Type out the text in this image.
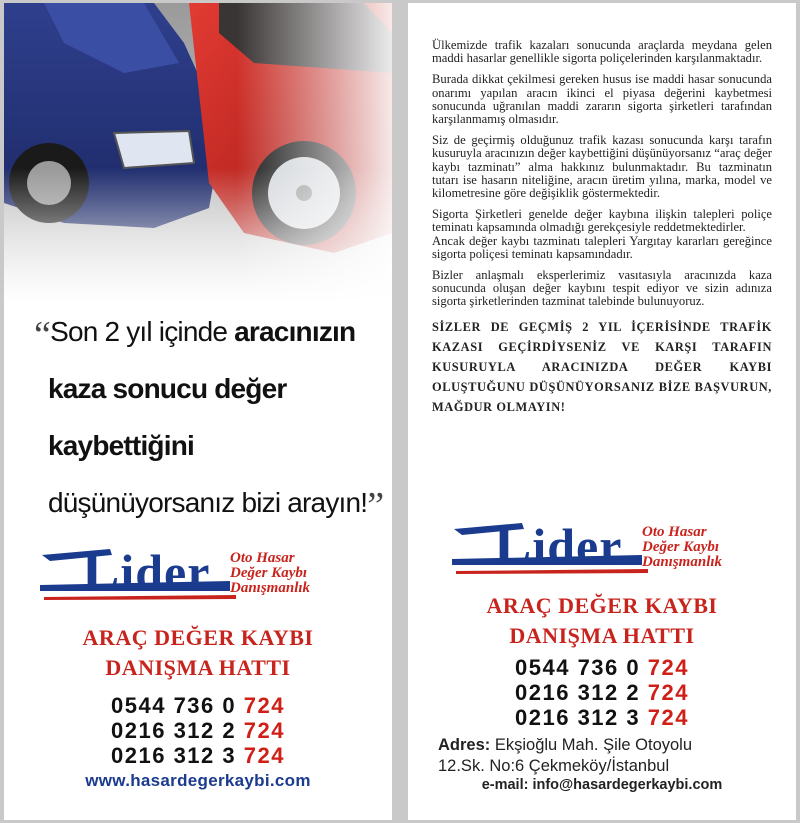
“Son 2 yıl içinde aracınızın
kaza sonucu değer
kaybettiğini
düşünüyorsanız bizi arayın!”
Lider Oto Hasar
Değer Kaybı
Danışmanlık
ARAÇ DEĞER KAYBI
DANIŞMA HATTI
0544 736 0 724
0216 312 2 724
0216 312 3 724
www.hasardegerkaybi.com

Ülkemizde trafik kazaları sonucunda araçlarda meydana gelen maddi hasarlar genellikle sigorta poliçelerinden karşılanmaktadır.

Burada dikkat çekilmesi gereken husus ise maddi hasar sonucunda onarımı yapılan aracın ikinci el piyasa değerini kaybetmesi sonucunda uğranılan maddi zararın sigorta şirketleri tarafından karşılanmamış olmasıdır.

Siz de geçirmiş olduğunuz trafik kazası sonucunda karşı tarafın kusuruyla aracınızın değer kaybettiğini düşünüyorsanız “araç değer kaybı tazminatı” alma hakkınız bulunmaktadır. Bu tazminatın tutarı ise hasarın niteliğine, aracın üretim yılına, marka, model ve kilometresine göre değişiklik göstermektedir.

Sigorta Şirketleri genelde değer kaybına ilişkin talepleri poliçe teminatı kapsamında olmadığı gerekçesiyle reddetmektedirler.

Ancak değer kaybı tazminatı talepleri Yargıtay kararları gereğince sigorta poliçesi teminatı kapsamındadır.

Bizler anlaşmalı eksperlerimiz vasıtasıyla aracınızda kaza sonucunda oluşan değer kaybını tespit ediyor ve sizin adınıza sigorta şirketlerinden tazminat talebinde bulunuyoruz.

SİZLER DE GEÇMİŞ 2 YIL İÇERİSİNDE TRAFİK KAZASI GEÇİRDİYSENİZ VE KARŞI TARAFIN KUSURUYLA ARACINIZDA DEĞER KAYBI OLUŞTUĞUNU DÜŞÜNÜYORSANIZ BİZE BAŞVURUN, MAĞDUR OLMAYIN!
Lider Oto Hasar
Değer Kaybı
Danışmanlık
ARAÇ DEĞER KAYBI
DANIŞMA HATTI
0544 736 0 724
0216 312 2 724
0216 312 3 724
Adres: Ekşioğlu Mah. Şile Otoyolu
12.Sk. No:6 Çekmeköy/İstanbul
e-mail: info@hasardegerkaybi.com
